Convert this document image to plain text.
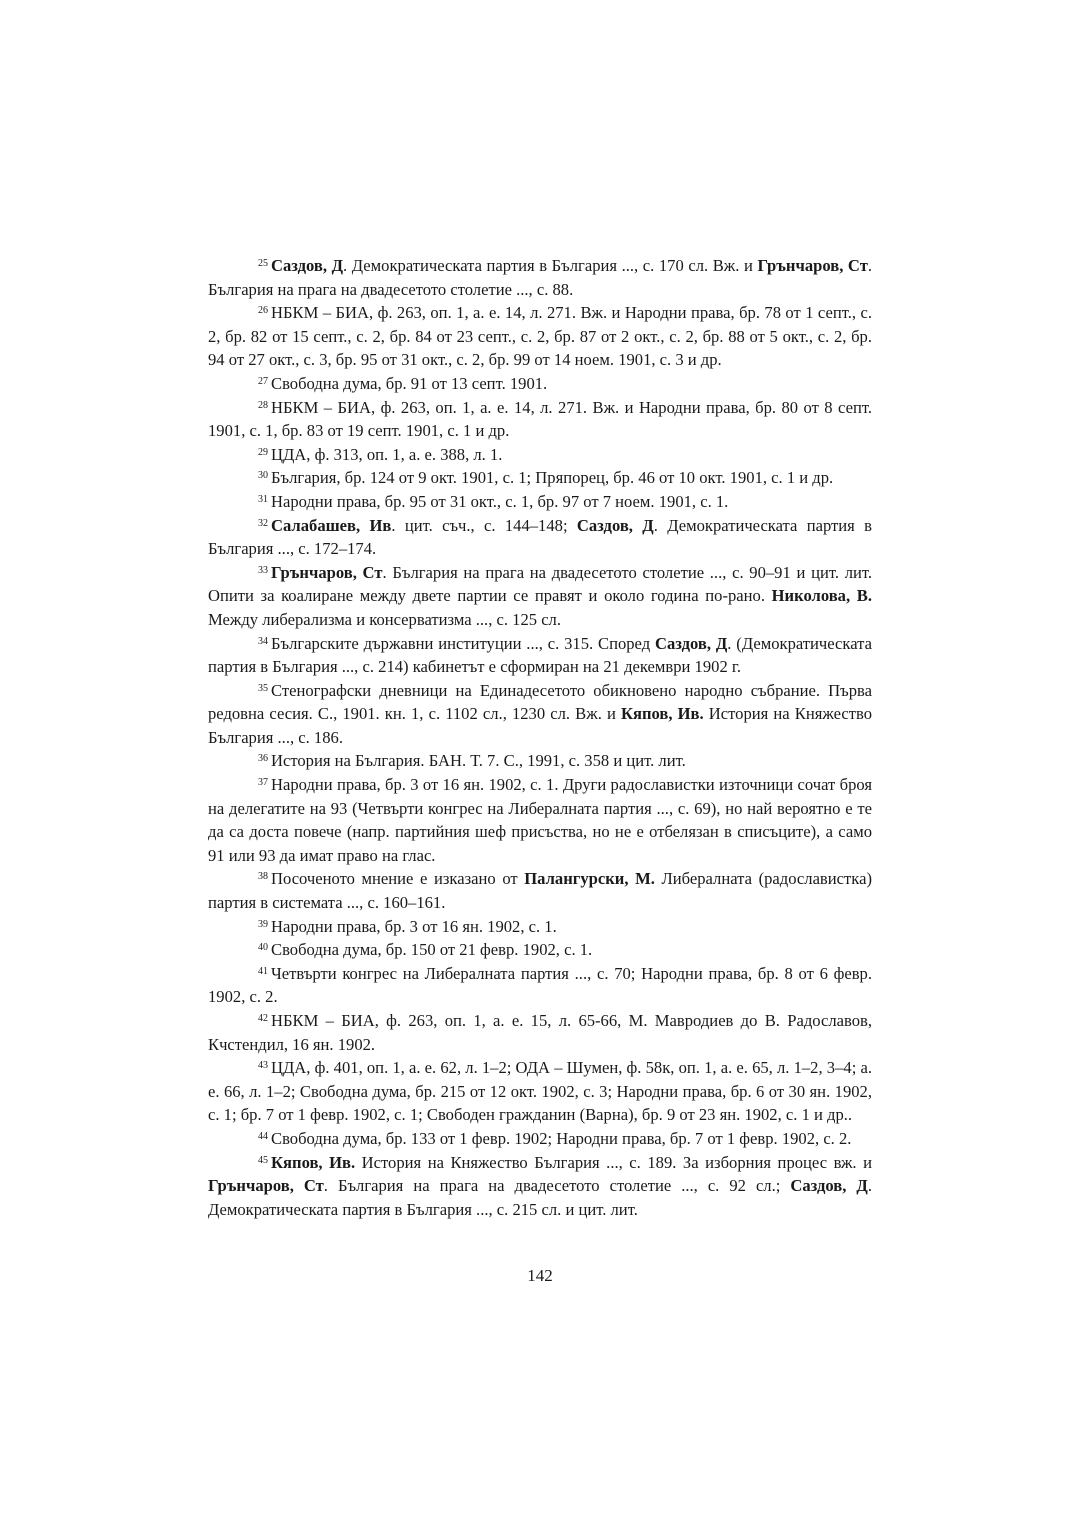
$^{25}$ Саздов, Д. Демократическата партия в България ..., с. 170 сл. Вж. и Грънчаров, Ст. България на прага на двадесетото столетие ..., с. 88.

$^{26}$ НБКМ – БИА, ф. 263, оп. 1, а. е. 14, л. 271. Вж. и Народни права, бр. 78 от 1 септ., с. 2, бр. 82 от 15 септ., с. 2, бр. 84 от 23 септ., с. 2, бр. 87 от 2 окт., с. 2, бр. 88 от 5 окт., с. 2, бр. 94 от 27 окт., с. 3, бр. 95 от 31 окт., с. 2, бр. 99 от 14 ноем. 1901, с. 3 и др.

$^{27}$ Свободна дума, бр. 91 от 13 септ. 1901.

$^{28}$ НБКМ – БИА, ф. 263, оп. 1, а. е. 14, л. 271. Вж. и Народни права, бр. 80 от 8 септ. 1901, с. 1, бр. 83 от 19 септ. 1901, с. 1 и др.

$^{29}$ ЦДА, ф. 313, оп. 1, а. е. 388, л. 1.

$^{30}$ България, бр. 124 от 9 окт. 1901, с. 1; Пряпорец, бр. 46 от 10 окт. 1901, с. 1 и др.

$^{31}$ Народни права, бр. 95 от 31 окт., с. 1, бр. 97 от 7 ноем. 1901, с. 1.

$^{32}$ Салабашев, Ив. цит. съч., с. 144–148; Саздов, Д. Демократическата партия в България ..., с. 172–174.

$^{33}$ Грънчаров, Ст. България на прага на двадесетото столетие ..., с. 90–91 и цит. лит. Опити за коалиране между двете партии се правят и около година по-рано. Николова, В. Между либерализма и консерватизма ..., с. 125 сл.

$^{34}$ Българските държавни институции ..., с. 315. Според Саздов, Д. (Демократическата партия в България ..., с. 214) кабинетът е сформиран на 21 декември 1902 г.

$^{35}$ Стенографски дневници на Единадесетото обикновено народно събрание. Първа редовна сесия. С., 1901. кн. 1, с. 1102 сл., 1230 сл. Вж. и Кяпов, Ив. История на Княжество България ..., с. 186.

$^{36}$ История на България. БАН. Т. 7. С., 1991, с. 358 и цит. лит.

$^{37}$ Народни права, бр. 3 от 16 ян. 1902, с. 1. Други радославистки източници сочат броя на делегатите на 93 (Четвърти конгрес на Либералната партия ..., с. 69), но най вероятно е те да са доста повече (напр. партийния шеф присъства, но не е отбелязан в списъците), а само 91 или 93 да имат право на глас.

$^{38}$ Посоченото мнение е изказано от Палангурски, М. Либералната (радославистка) партия в системата ..., с. 160–161.

$^{39}$ Народни права, бр. 3 от 16 ян. 1902, с. 1.

$^{40}$ Свободна дума, бр. 150 от 21 февр. 1902, с. 1.

$^{41}$ Четвърти конгрес на Либералната партия ..., с. 70; Народни права, бр. 8 от 6 февр. 1902, с. 2.

$^{42}$ НБКМ – БИА, ф. 263, оп. 1, а. е. 15, л. 65-66, М. Мавродиев до В. Радославов, Кчстендил, 16 ян. 1902.

$^{43}$ ЦДА, ф. 401, оп. 1, а. е. 62, л. 1–2; ОДА – Шумен, ф. 58к, оп. 1, а. е. 65, л. 1–2, 3–4; а. е. 66, л. 1–2; Свободна дума, бр. 215 от 12 окт. 1902, с. 3; Народни права, бр. 6 от 30 ян. 1902, с. 1; бр. 7 от 1 февр. 1902, с. 1; Свободен гражданин (Варна), бр. 9 от 23 ян. 1902, с. 1 и др..

$^{44}$ Свободна дума, бр. 133 от 1 февр. 1902; Народни права, бр. 7 от 1 февр. 1902, с. 2.

$^{45}$ Кяпов, Ив. История на Княжество България ..., с. 189. За изборния процес вж. и Грънчаров, Ст. България на прага на двадесетото столетие ..., с. 92 сл.; Саздов, Д. Демократическата партия в България ..., с. 215 сл. и цит. лит.

142
